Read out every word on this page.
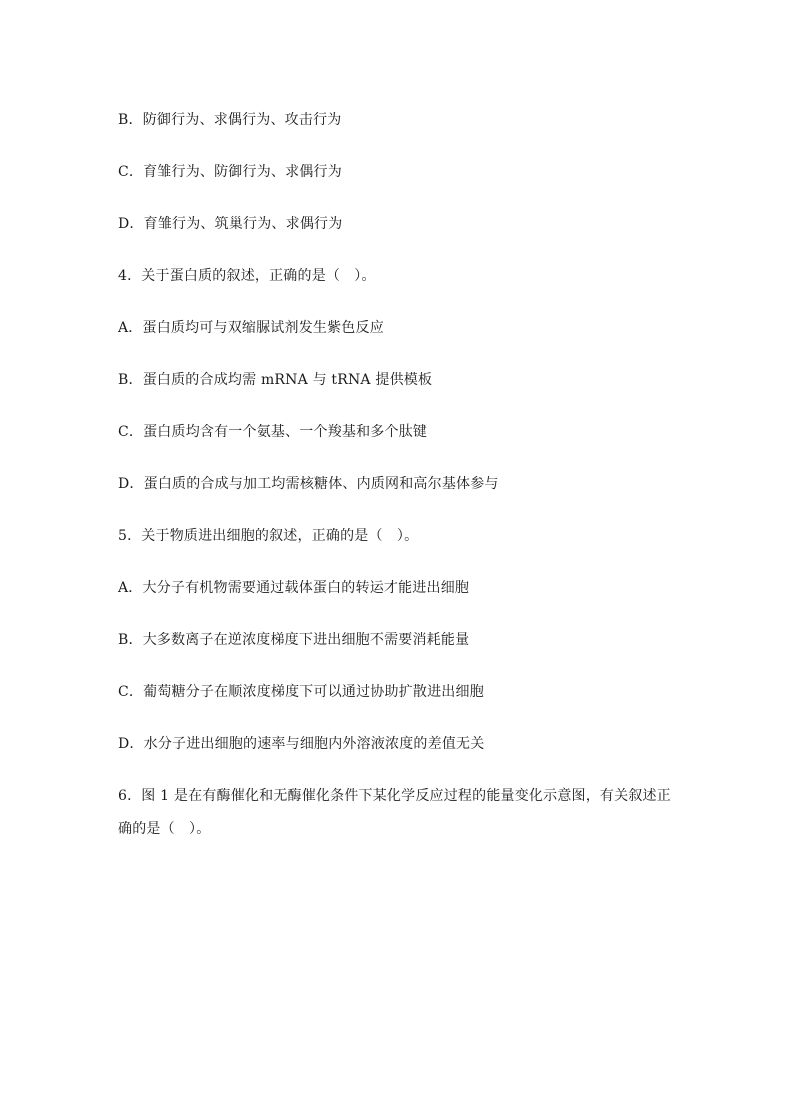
B．防御行为、求偶行为、攻击行为
C．育雏行为、防御行为、求偶行为
D．育雏行为、筑巢行为、求偶行为
4．关于蛋白质的叙述，正确的是（　）。
A．蛋白质均可与双缩脲试剂发生紫色反应
B．蛋白质的合成均需 mRNA 与 tRNA 提供模板
C．蛋白质均含有一个氨基、一个羧基和多个肽键
D．蛋白质的合成与加工均需核糖体、内质网和高尔基体参与
5．关于物质进出细胞的叙述，正确的是（　）。
A．大分子有机物需要通过载体蛋白的转运才能进出细胞
B．大多数离子在逆浓度梯度下进出细胞不需要消耗能量
C．葡萄糖分子在顺浓度梯度下可以通过协助扩散进出细胞
D．水分子进出细胞的速率与细胞内外溶液浓度的差值无关
6．图 1 是在有酶催化和无酶催化条件下某化学反应过程的能量变化示意图，有关叙述正
确的是（　）。
